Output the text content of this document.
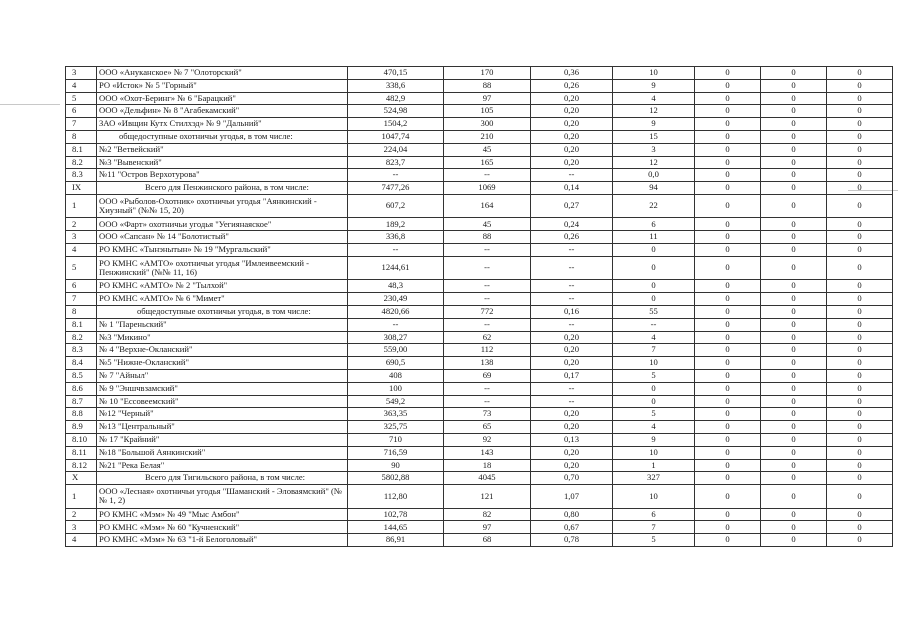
3	ООО «Ануканское» № 7 "Олоторский"	470,15	170	0,36	10	0	0	0
4	РО «Исток» № 5 "Горный"	338,6	88	0,26	9	0	0	0
5	ООО «Охот-Беринг» № 6 "Барацкий"	482,9	97	0,20	4	0	0	0
6	ООО «Дельфин» № 8 "Агабекамский"	524,98	105	0,20	12	0	0	0
7	ЗАО «Ивщин Кутх Стилхэд» № 9 "Дальний"	1504,2	300	0,20	9	0	0	0
8	общедоступные охотничьи угодья, в том числе:	1047,74	210	0,20	15	0	0	0
8.1	№2 "Ветвейский"	224,04	45	0,20	3	0	0	0
8.2	№3 "Вывенский"	823,7	165	0,20	12	0	0	0
8.3	№11 "Остров Верхотурова"	--	--	--	0,0	0	0	0
IX	Всего для Пенжинского района, в том числе:	7477,26	1069	0,14	94	0	0	0
1	ООО «Рыболов-Охотник» охотничьи угодья "Аянкинский - Хиузный" (№№ 15, 20)	607,2	164	0,27	22	0	0	0
2	ООО «Фарт» охотничьи угодья "Уегиянаяское"	189,2	45	0,24	6	0	0	0
3	ООО «Сапсан» № 14 "Болотистый"	336,8	88	0,26	11	0	0	0
4	РО КМНС «Тынэнытын» № 19 "Мургальский"	--	--	--	0	0	0	0
5	РО КМНС «АМТО» охотничьи угодья "Имлеивеемский - Пенжинский" (№№ 11, 16)	1244,61	--	--	0	0	0	0
6	РО КМНС «АМТО» № 2 "Тылхой"	48,3	--	--	0	0	0	0
7	РО КМНС «АМТО» № 6 "Мимет"	230,49	--	--	0	0	0	0
8	общедоступные охотничьи угодья, в том числе:	4820,66	772	0,16	55	0	0	0
8.1	№ 1 "Пареньский"	--	--	--	--	0	0	0
8.2	№3 "Микино"	308,27	62	0,20	4	0	0	0
8.3	№ 4 "Верхне-Окланский"	559,00	112	0,20	7	0	0	0
8.4	№5 "Нижне-Окланский"	690,5	138	0,20	10	0	0	0
8.5	№ 7 "Айныл"	408	69	0,17	5	0	0	0
8.6	№ 9 "Эншчвзамский"	100	--	--	0	0	0	0
8.7	№ 10 "Ессовеемский"	549,2	--	--	0	0	0	0
8.8	№12 "Черный"	363,35	73	0,20	5	0	0	0
8.9	№13 "Центральный"	325,75	65	0,20	4	0	0	0
8.10	№ 17 "Крайний"	710	92	0,13	9	0	0	0
8.11	№18 "Большой Аянкинский"	716,59	143	0,20	10	0	0	0
8.12	№21 "Река Белая"	90	18	0,20	1	0	0	0
X	Всего для Тигильского района, в том числе:	5802,88	4045	0,70	327	0	0	0
1	ООО «Лесная» охотничьи угодья "Шаманский - Эловаямский" (№№ 1, 2)	112,80	121	1,07	10	0	0	0
2	РО КМНС «Мэм» № 49 "Мыс Амбон"	102,78	82	0,80	6	0	0	0
3	РО КМНС «Мэм» № 60 "Кучненский"	144,65	97	0,67	7	0	0	0
4	РО КМНС «Мэм» № 63 "1-й Белоголовый"	86,91	68	0,78	5	0	0	0
